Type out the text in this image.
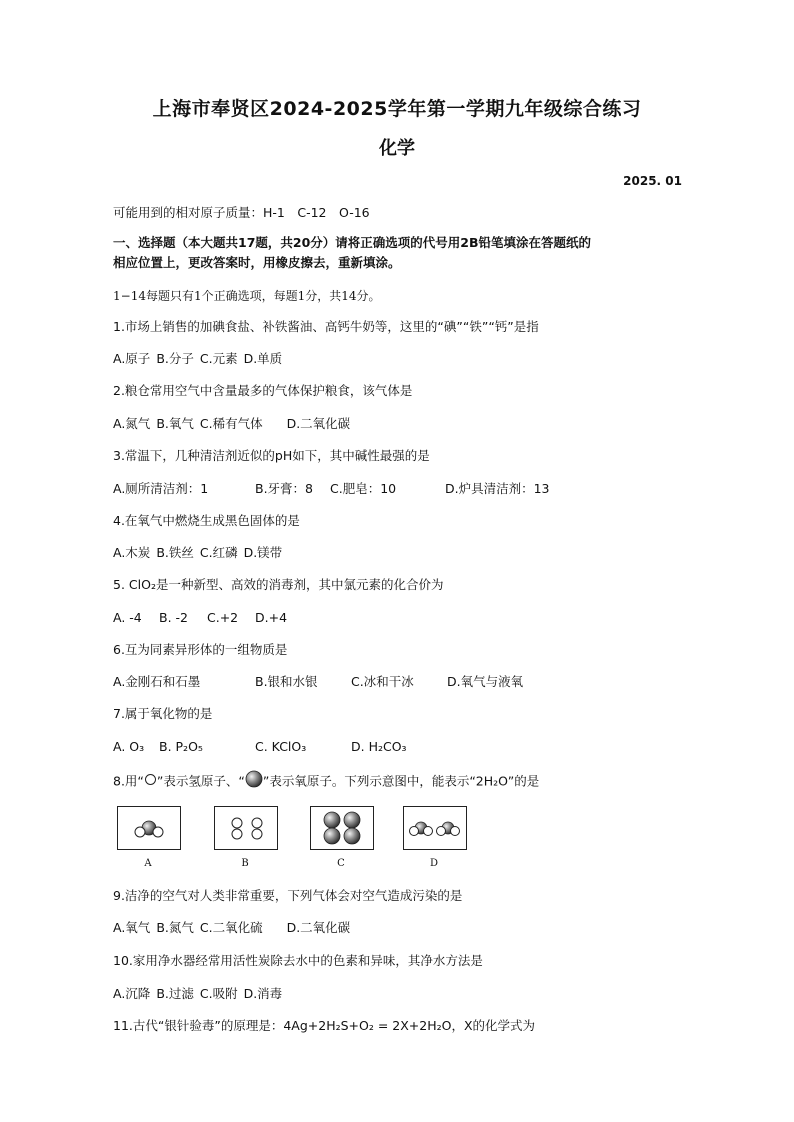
上海市奉贤区2024-2025学年第一学期九年级综合练习
化学
2025. 01
可能用到的相对原子质量：H-1　C-12　O-16
一、选择题（本大题共17题，共20分）请将正确选项的代号用2B铅笔填涂在答题纸的
相应位置上，更改答案时，用橡皮擦去，重新填涂。
1−14每题只有1个正确选项，每题1分，共14分。
1.市场上销售的加碘食盐、补铁酱油、高钙牛奶等，这里的“碘”“铁”“钙”是指
A.原子 B.分子 C.元素 D.单质
2.粮仓常用空气中含量最多的气体保护粮食，该气体是
A.氮气 B.氧气 C.稀有气体 D.二氧化碳
3.常温下，几种清洁剂近似的pH如下，其中碱性最强的是
A.厕所清洁剂：1	B.牙膏：8 C.肥皂：10	D.炉具清洁剂：13
4.在氧气中燃烧生成黑色固体的是
A.木炭 B.铁丝 C.红磷 D.镁带
5. ClO₂是一种新型、高效的消毒剂，其中氯元素的化合价为
A. -4 B. -2 C.+2 D.+4
6.互为同素异形体的一组物质是
A.金刚石和石墨	B.银和水银	C.冰和干冰	D.氧气与液氧
7.属于氧化物的是
A. O₃ B. P₂O₅	C. KClO₃	D. H₂CO₃
8.用“ ”表示氢原子、“ ”表示氧原子。下列示意图中，能表示“2H₂O”的是
A	B	C	D
9.洁净的空气对人类非常重要，下列气体会对空气造成污染的是
A.氧气 B.氮气 C.二氧化硫 D.二氧化碳
10.家用净水器经常用活性炭除去水中的色素和异味，其净水方法是
A.沉降 B.过滤 C.吸附 D.消毒
11.古代“银针验毒”的原理是：4Ag+2H₂S+O₂ = 2X+2H₂O，X的化学式为
